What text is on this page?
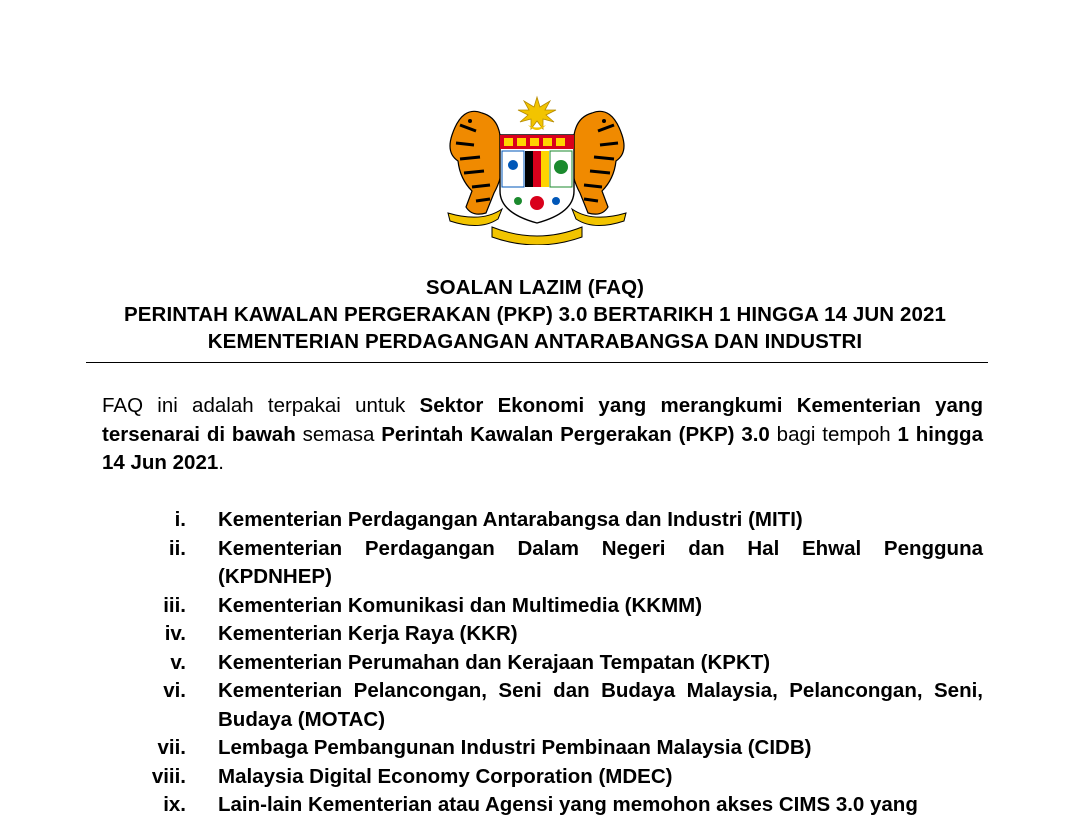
SOALAN LAZIM (FAQ)
PERINTAH KAWALAN PERGERAKAN (PKP) 3.0 BERTARIKH 1 HINGGA 14 JUN 2021
KEMENTERIAN PERDAGANGAN ANTARABANGSA DAN INDUSTRI
FAQ ini adalah terpakai untuk Sektor Ekonomi yang merangkumi Kementerian yang tersenarai di bawah semasa Perintah Kawalan Pergerakan (PKP) 3.0 bagi tempoh 1 hingga 14 Jun 2021.
i. Kementerian Perdagangan Antarabangsa dan Industri (MITI)
ii. Kementerian Perdagangan Dalam Negeri dan Hal Ehwal Pengguna (KPDNHEP)
iii. Kementerian Komunikasi dan Multimedia (KKMM)
iv. Kementerian Kerja Raya (KKR)
v. Kementerian Perumahan dan Kerajaan Tempatan (KPKT)
vi. Kementerian Pelancongan, Seni dan Budaya Malaysia, Pelancongan, Seni, Budaya (MOTAC)
vii. Lembaga Pembangunan Industri Pembinaan Malaysia (CIDB)
viii. Malaysia Digital Economy Corporation (MDEC)
ix. Lain-lain Kementerian atau Agensi yang memohon akses CIMS 3.0 yang
